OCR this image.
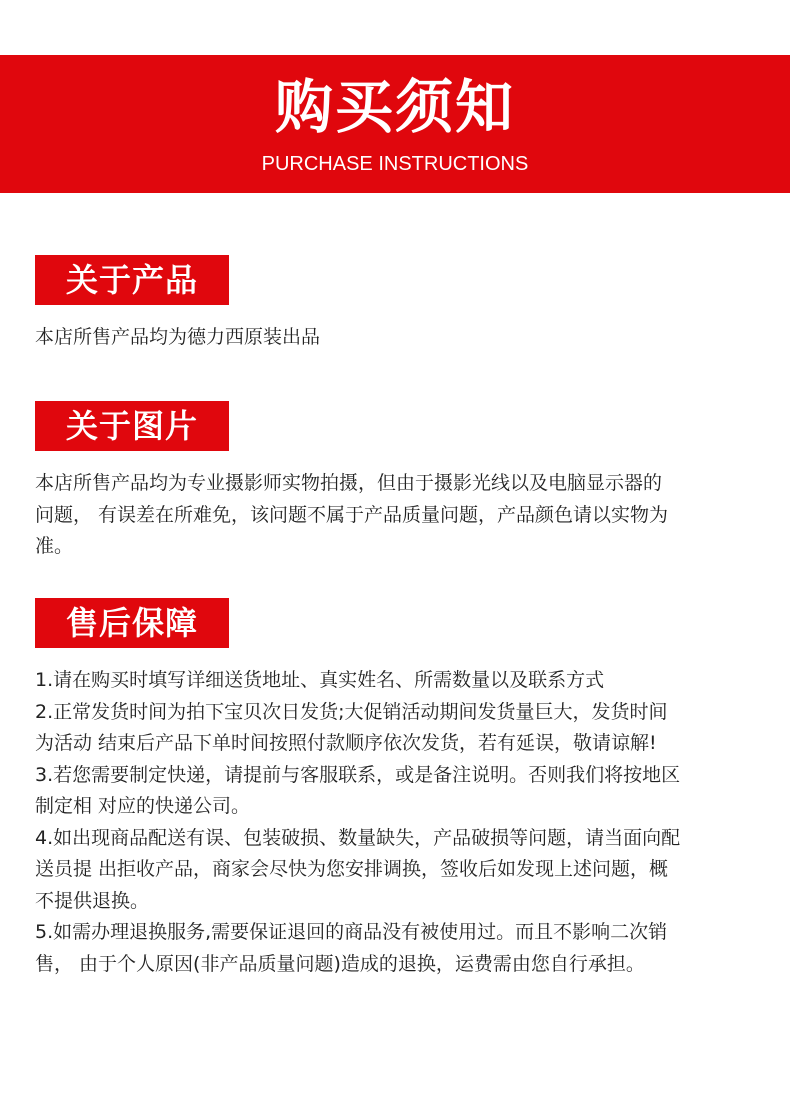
购买须知
PURCHASE INSTRUCTIONS
关于产品

本店所售产品均为德力西原装出品

关于图片

本店所售产品均为专业摄影师实物拍摄，但由于摄影光线以及电脑显示器的

问题， 有误差在所难免，该问题不属于产品质量问题，产品颜色请以实物为

准。

售后保障

1.请在购买时填写详细送货地址、真实姓名、所需数量以及联系方式

2.正常发货时间为拍下宝贝次日发货;大促销活动期间发货量巨大，发货时间

为活动 结束后产品下单时间按照付款顺序依次发货，若有延误，敬请谅解!

3.若您需要制定快递，请提前与客服联系，或是备注说明。否则我们将按地区

制定相 对应的快递公司。

4.如出现商品配送有误、包装破损、数量缺失，产品破损等问题，请当面向配

送员提 出拒收产品，商家会尽快为您安排调换，签收后如发现上述问题，概

不提供退换。

5.如需办理退换服务,需要保证退回的商品没有被使用过。而且不影响二次销

售， 由于个人原因(非产品质量问题)造成的退换，运费需由您自行承担。
